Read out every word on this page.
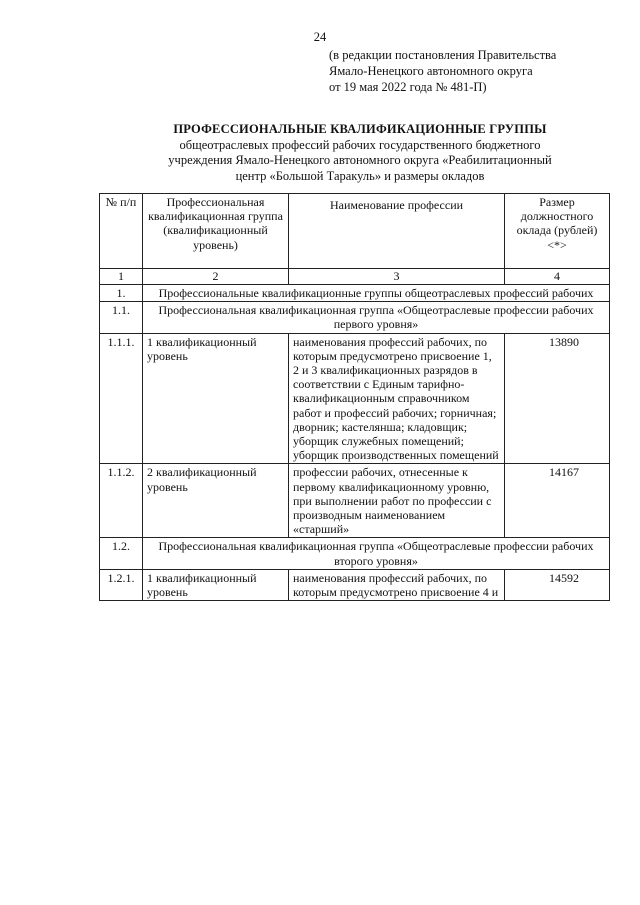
24
(в редакции постановления Правительства
Ямало-Ненецкого автономного округа
от 19 мая 2022 года № 481-П)
ПРОФЕССИОНАЛЬНЫЕ КВАЛИФИКАЦИОННЫЕ ГРУППЫ
общеотраслевых профессий рабочих государственного бюджетного
учреждения Ямало-Ненецкого автономного округа «Реабилитационный
центр «Большой Таракуль» и размеры окладов
№ п/п	Профессиональная квалификационная группа (квалификационный уровень)	Наименование профессии	Размер должностного оклада (рублей) <*>
1	2	3	4
1.	Профессиональные квалификационные группы общеотраслевых профессий рабочих		
1.1.	Профессиональная квалификационная группа «Общеотраслевые профессии рабочих первого уровня»		
1.1.1.	1 квалификационный уровень	наименования профессий рабочих, по которым предусмотрено присвоение 1, 2 и 3 квалификационных разрядов в соответствии с Единым тарифно-квалификационным справочником работ и профессий рабочих; горничная; дворник; кастелянша; кладовщик; уборщик служебных помещений; уборщик производственных помещений	13890
1.1.2.	2 квалификационный уровень	профессии рабочих, отнесенные к первому квалификационному уровню, при выполнении работ по профессии с производным наименованием «старший»	14167
1.2.	Профессиональная квалификационная группа «Общеотраслевые профессии рабочих второго уровня»		
1.2.1.	1 квалификационный уровень	наименования профессий рабочих, по которым предусмотрено присвоение 4 и	14592
